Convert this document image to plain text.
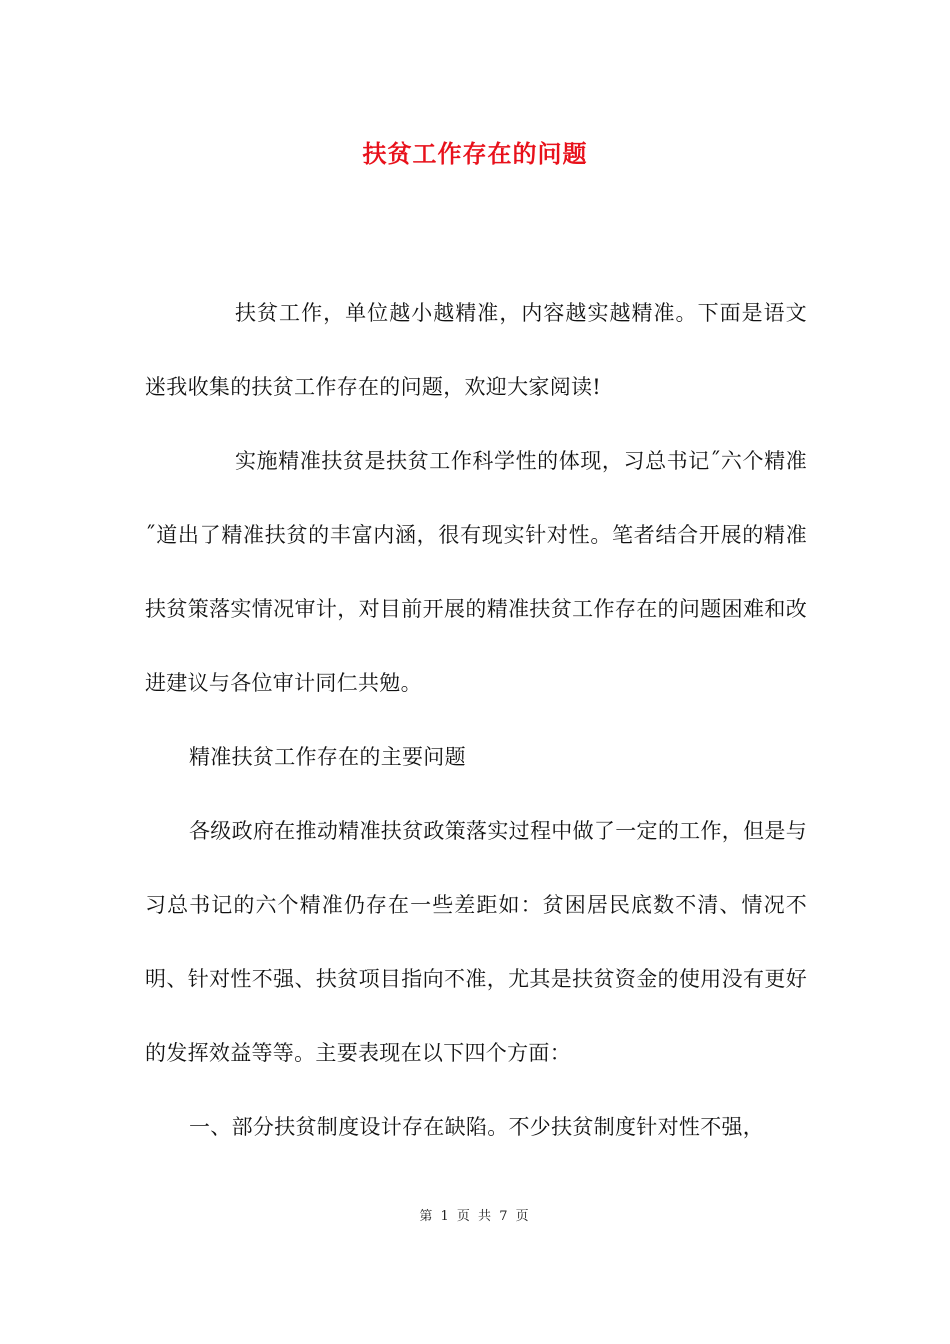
扶贫工作存在的问题

扶贫工作，单位越小越精准，内容越实越精准。下面是语文迷我收集的扶贫工作存在的问题，欢迎大家阅读!

实施精准扶贫是扶贫工作科学性的体现，习总书记˝六个精准˝道出了精准扶贫的丰富内涵，很有现实针对性。笔者结合开展的精准扶贫策落实情况审计，对目前开展的精准扶贫工作存在的问题困难和改进建议与各位审计同仁共勉。

精准扶贫工作存在的主要问题

各级政府在推动精准扶贫政策落实过程中做了一定的工作，但是与习总书记的六个精准仍存在一些差距如：贫困居民底数不清、情况不明、针对性不强、扶贫项目指向不准，尤其是扶贫资金的使用没有更好的发挥效益等等。主要表现在以下四个方面：

一、部分扶贫制度设计存在缺陷。不少扶贫制度针对性不强，

第 1 页 共 7 页
